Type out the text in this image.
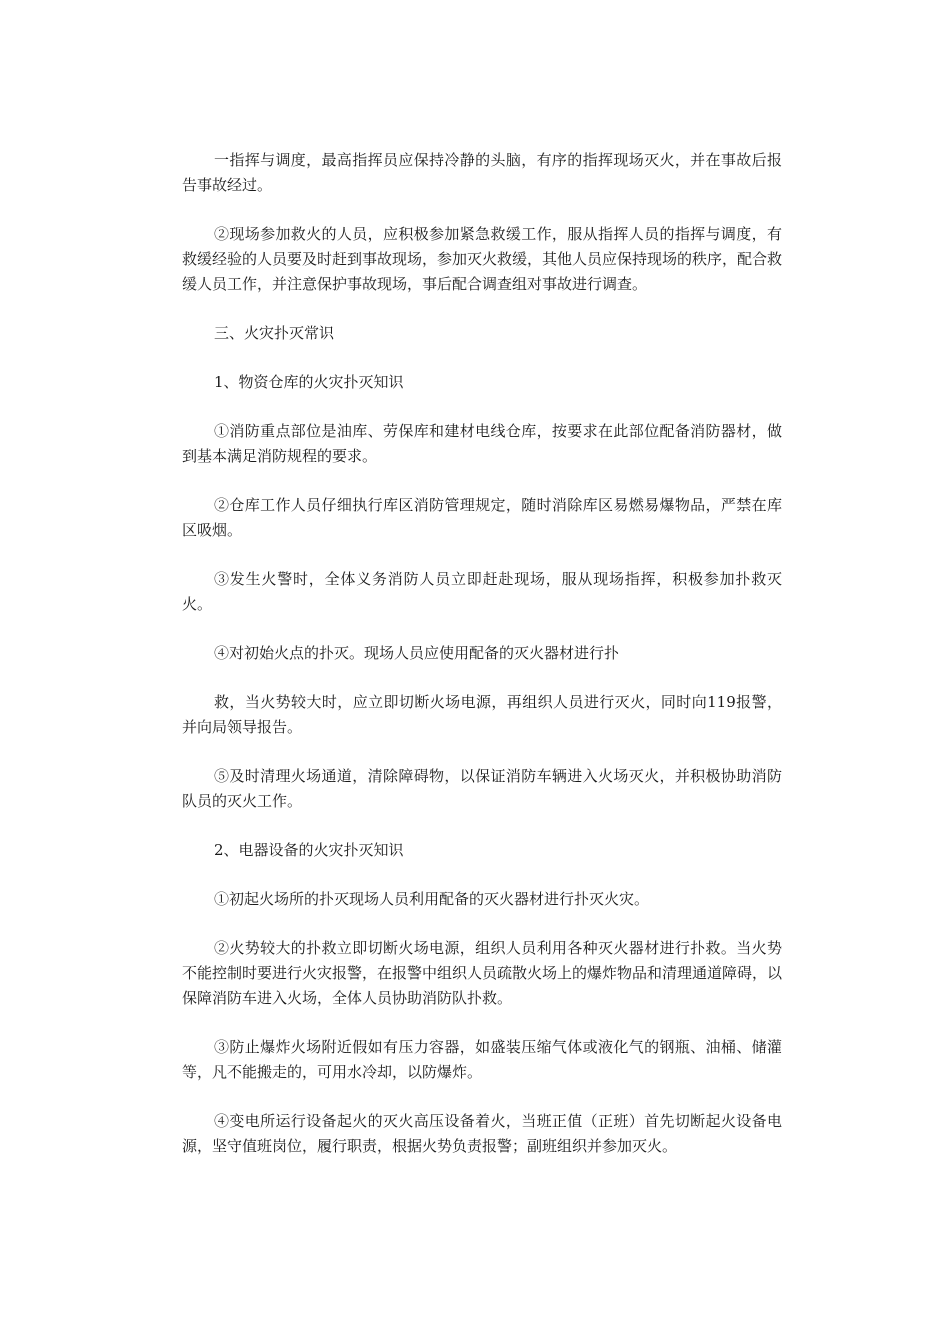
一指挥与调度，最高指挥员应保持冷静的头脑，有序的指挥现场灭火，并在事故后报告事故经过。

②现场参加救火的人员，应积极参加紧急救缓工作，服从指挥人员的指挥与调度，有救缓经验的人员要及时赶到事故现场，参加灭火救缓，其他人员应保持现场的秩序，配合救缓人员工作，并注意保护事故现场，事后配合调查组对事故进行调查。

三、火灾扑灭常识

1、物资仓库的火灾扑灭知识

①消防重点部位是油库、劳保库和建材电线仓库，按要求在此部位配备消防器材，做到基本满足消防规程的要求。

②仓库工作人员仔细执行库区消防管理规定，随时消除库区易燃易爆物品，严禁在库区吸烟。

③发生火警时，全体义务消防人员立即赶赴现场，服从现场指挥，积极参加扑救灭火。

④对初始火点的扑灭。现场人员应使用配备的灭火器材进行扑

救，当火势较大时，应立即切断火场电源，再组织人员进行灭火，同时向119报警，并向局领导报告。

⑤及时清理火场通道，清除障碍物，以保证消防车辆进入火场灭火，并积极协助消防队员的灭火工作。

2、电器设备的火灾扑灭知识

①初起火场所的扑灭现场人员利用配备的灭火器材进行扑灭火灾。

②火势较大的扑救立即切断火场电源，组织人员利用各种灭火器材进行扑救。当火势不能控制时要进行火灾报警，在报警中组织人员疏散火场上的爆炸物品和清理通道障碍，以保障消防车进入火场，全体人员协助消防队扑救。

③防止爆炸火场附近假如有压力容器，如盛装压缩气体或液化气的钢瓶、油桶、储灌等，凡不能搬走的，可用水冷却，以防爆炸。

④变电所运行设备起火的灭火高压设备着火，当班正值（正班）首先切断起火设备电源，坚守值班岗位，履行职责，根据火势负责报警；副班组织并参加灭火。
